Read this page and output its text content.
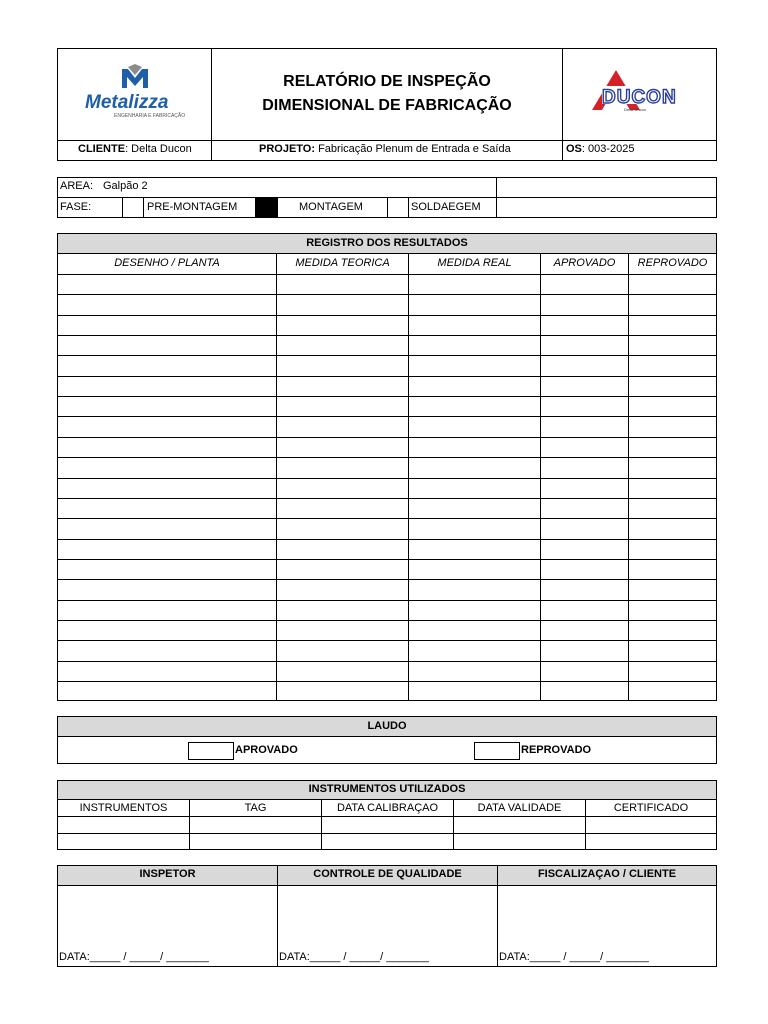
Metalizza
ENGENHARIA E FABRICAÇÃO
RELATÓRIO DE INSPEÇÃO
DIMENSIONAL DE FABRICAÇÃO	DUCON
Delta Ducon
CLIENTE: Delta Ducon	PROJETO: Fabricação Plenum de Entrada e Saída	OS: 003-2025
ÁREA: Galpão 2
FASE:	PRÉ-MONTAGEM	MONTAGEM	SOLDAEGEM
REGISTRO DOS RESULTADOS
DESENHO / PLANTA	MEDIDA TEÓRICA	MEDIDA REAL	APROVADO	REPROVADO
LAUDO
APROVADO	REPROVADO
INSTRUMENTOS UTILIZADOS
INSTRUMENTOS	TAG	DATA CALIBRAÇÃO	DATA VALIDADE	CERTIFICADO
INSPETOR	CONTROLE DE QUALIDADE	FISCALIZAÇÃO / CLIENTE
DATA:_____ / _____/ _______	DATA:_____ / _____/ _______	DATA:_____ / _____/ _______
